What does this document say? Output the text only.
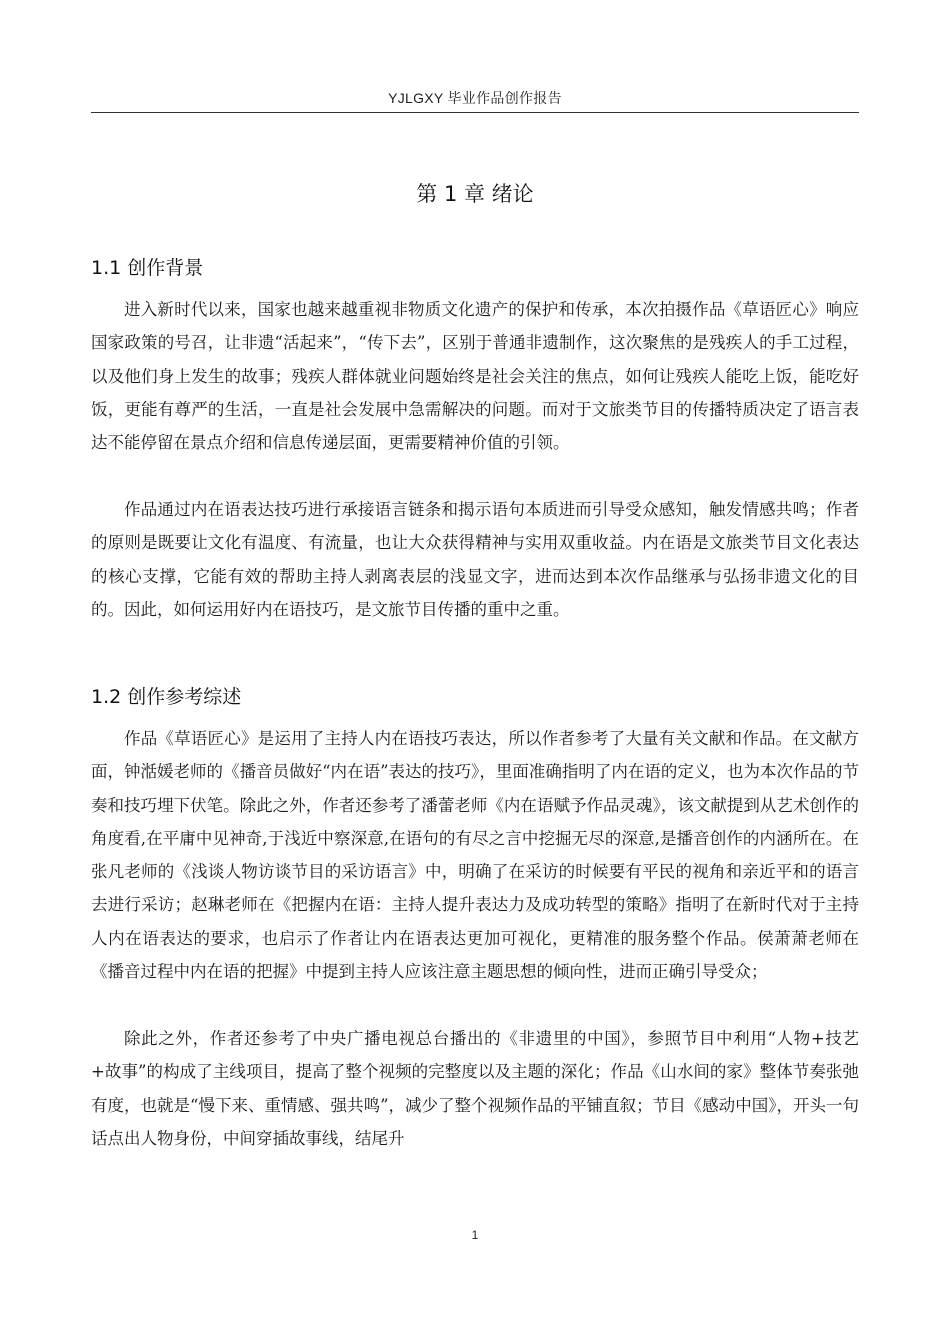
YJLGXY 毕业作品创作报告
第 1 章 绪论
1.1 创作背景

进入新时代以来，国家也越来越重视非物质文化遗产的保护和传承，本次拍摄作品《草语匠心》响应国家政策的号召，让非遗“活起来”，“传下去”，区别于普通非遗制作，这次聚焦的是残疾人的手工过程，以及他们身上发生的故事；残疾人群体就业问题始终是社会关注的焦点，如何让残疾人能吃上饭，能吃好饭，更能有尊严的生活，一直是社会发展中急需解决的问题。而对于文旅类节目的传播特质决定了语言表达不能停留在景点介绍和信息传递层面，更需要精神价值的引领。

作品通过内在语表达技巧进行承接语言链条和揭示语句本质进而引导受众感知，触发情感共鸣；作者的原则是既要让文化有温度、有流量，也让大众获得精神与实用双重收益。内在语是文旅类节目文化表达的核心支撑，它能有效的帮助主持人剥离表层的浅显文字，进而达到本次作品继承与弘扬非遗文化的目的。因此，如何运用好内在语技巧，是文旅节目传播的重中之重。

1.2 创作参考综述

作品《草语匠心》是运用了主持人内在语技巧表达，所以作者参考了大量有关文献和作品。在文献方面，钟湉媛老师的《播音员做好“内在语”表达的技巧》，里面准确指明了内在语的定义，也为本次作品的节奏和技巧埋下伏笔。除此之外，作者还参考了潘蕾老师《内在语赋予作品灵魂》，该文献提到从艺术创作的角度看,在平庸中见神奇,于浅近中察深意,在语句的有尽之言中挖掘无尽的深意,是播音创作的内涵所在。在张凡老师的《浅谈人物访谈节目的采访语言》中，明确了在采访的时候要有平民的视角和亲近平和的语言去进行采访；赵琳老师在《把握内在语：主持人提升表达力及成功转型的策略》指明了在新时代对于主持人内在语表达的要求，也启示了作者让内在语表达更加可视化，更精准的服务整个作品。侯萧萧老师在《播音过程中内在语的把握》中提到主持人应该注意主题思想的倾向性，进而正确引导受众；

除此之外，作者还参考了中央广播电视总台播出的《非遗里的中国》，参照节目中利用“人物+技艺+故事”的构成了主线项目，提高了整个视频的完整度以及主题的深化；作品《山水间的家》整体节奏张弛有度，也就是“慢下来、重情感、强共鸣”，减少了整个视频作品的平铺直叙；节目《感动中国》，开头一句话点出人物身份，中间穿插故事线，结尾升

1
